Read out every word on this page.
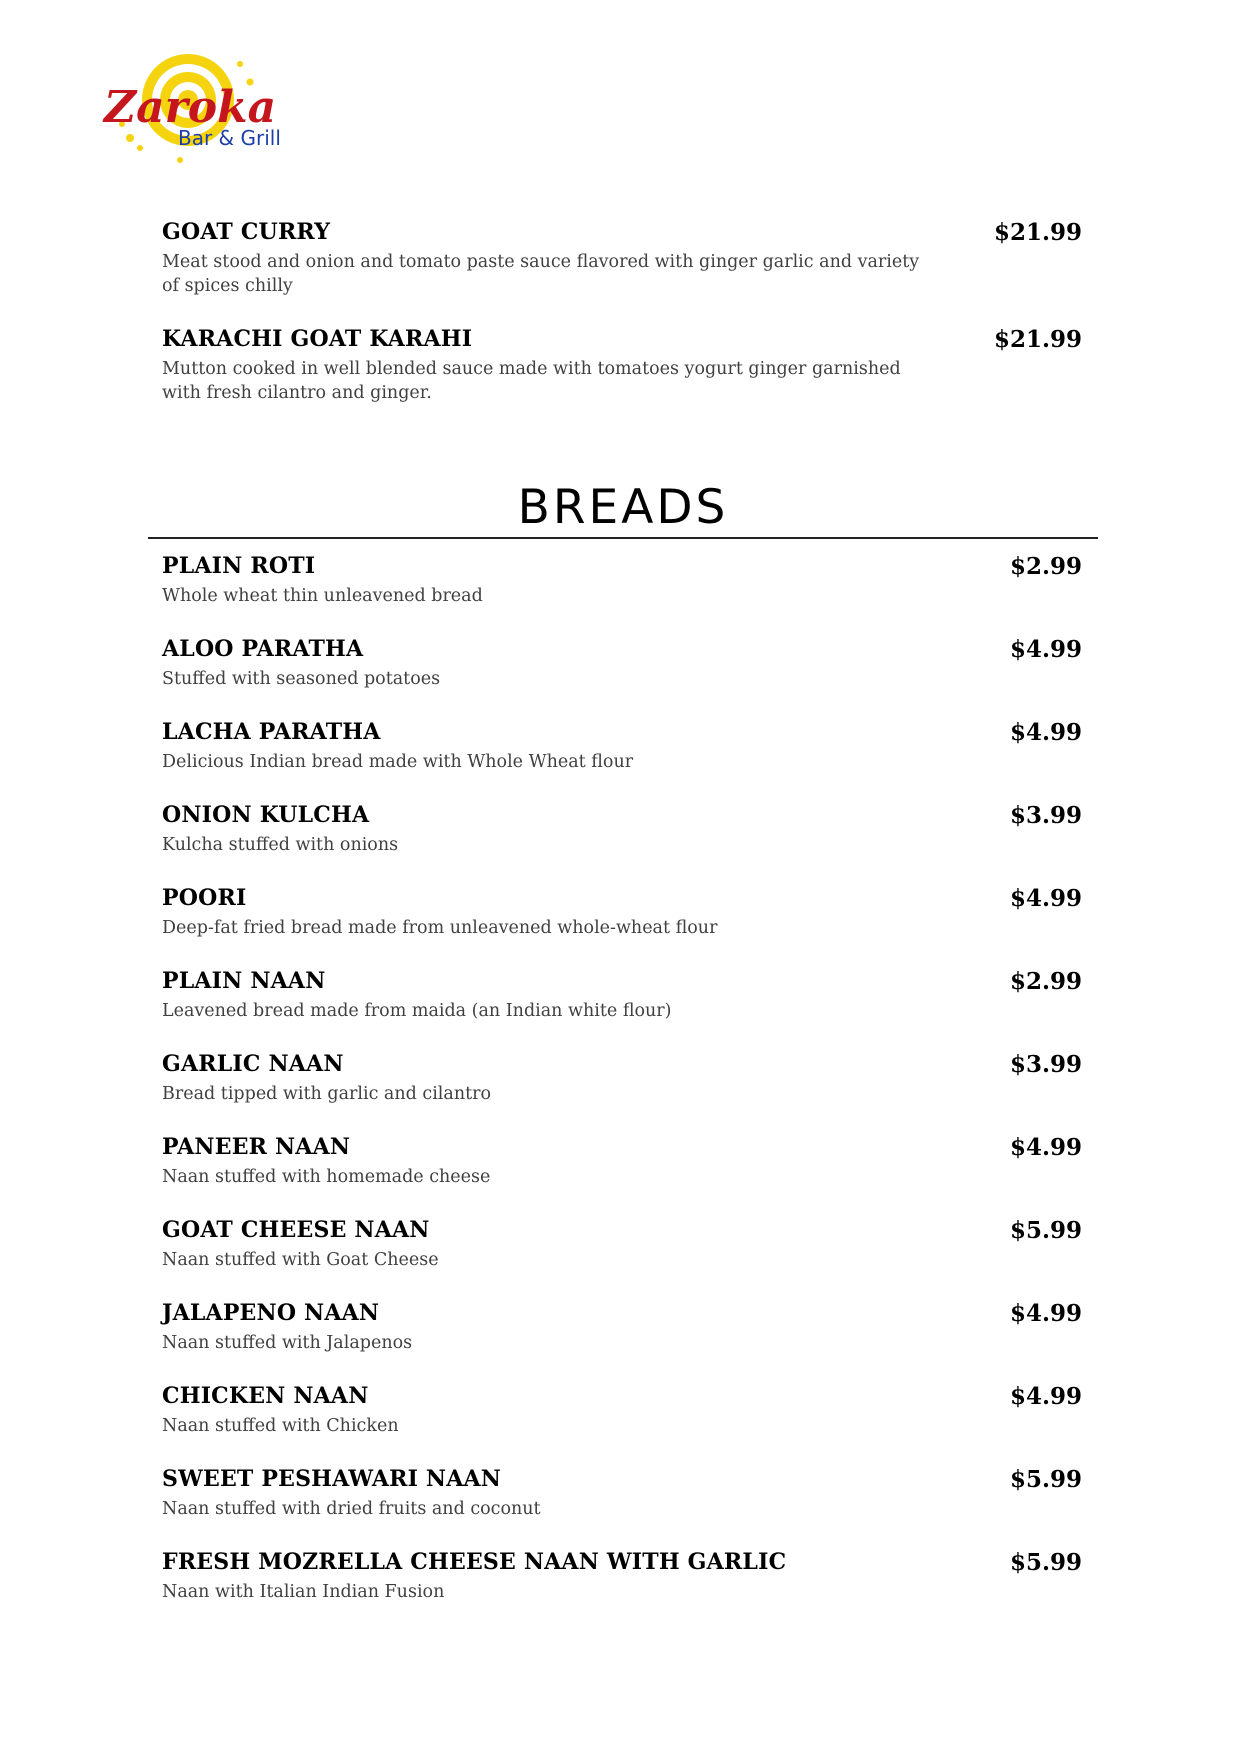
Zaroka
Bar & Grill
GOAT CURRY	$21.99
Meat stood and onion and tomato paste sauce flavored with ginger garlic and variety of spices chilly
KARACHI GOAT KARAHI	$21.99
Mutton cooked in well blended sauce made with tomatoes yogurt ginger garnished with fresh cilantro and ginger.
BREADS
PLAIN ROTI	$2.99
Whole wheat thin unleavened bread
ALOO PARATHA	$4.99
Stuffed with seasoned potatoes
LACHA PARATHA	$4.99
Delicious Indian bread made with Whole Wheat flour
ONION KULCHA	$3.99
Kulcha stuffed with onions
POORI	$4.99
Deep-fat fried bread made from unleavened whole-wheat flour
PLAIN NAAN	$2.99
Leavened bread made from maida (an Indian white flour)
GARLIC NAAN	$3.99
Bread tipped with garlic and cilantro
PANEER NAAN	$4.99
Naan stuffed with homemade cheese
GOAT CHEESE NAAN	$5.99
Naan stuffed with Goat Cheese
JALAPENO NAAN	$4.99
Naan stuffed with Jalapenos
CHICKEN NAAN	$4.99
Naan stuffed with Chicken
SWEET PESHAWARI NAAN	$5.99
Naan stuffed with dried fruits and coconut
FRESH MOZRELLA CHEESE NAAN WITH GARLIC	$5.99
Naan with Italian Indian Fusion
